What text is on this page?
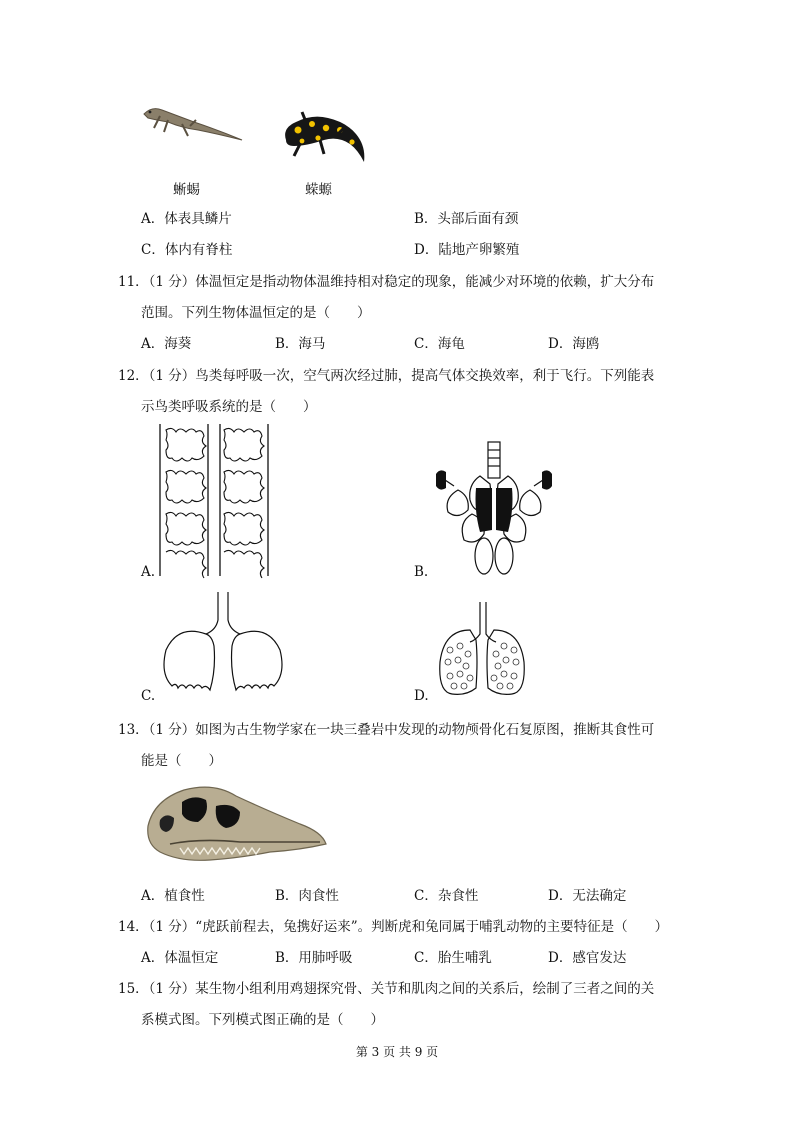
蜥蜴	蝾螈
A．体表具鳞片	B．头部后面有颈
C．体内有脊柱	D．陆地产卵繁殖
11．（1 分）体温恒定是指动物体温维持相对稳定的现象，能减少对环境的依赖，扩大分布
范围。下列生物体温恒定的是（　　）
A．海葵	B．海马	C．海龟	D．海鸥
12．（1 分）鸟类每呼吸一次，空气两次经过肺，提高气体交换效率，利于飞行。下列能表
示鸟类呼吸系统的是（　　）
A.	B.
C.	D.
13．（1 分）如图为古生物学家在一块三叠岩中发现的动物颅骨化石复原图，推断其食性可
能是（　　）
A．植食性	B．肉食性	C．杂食性	D．无法确定
14．（1 分）“虎跃前程去，兔携好运来”。判断虎和兔同属于哺乳动物的主要特征是（　　）
A．体温恒定	B．用肺呼吸	C．胎生哺乳	D．感官发达
15．（1 分）某生物小组利用鸡翅探究骨、关节和肌肉之间的关系后，绘制了三者之间的关
系模式图。下列模式图正确的是（　　）
第 3 页 共 9 页
